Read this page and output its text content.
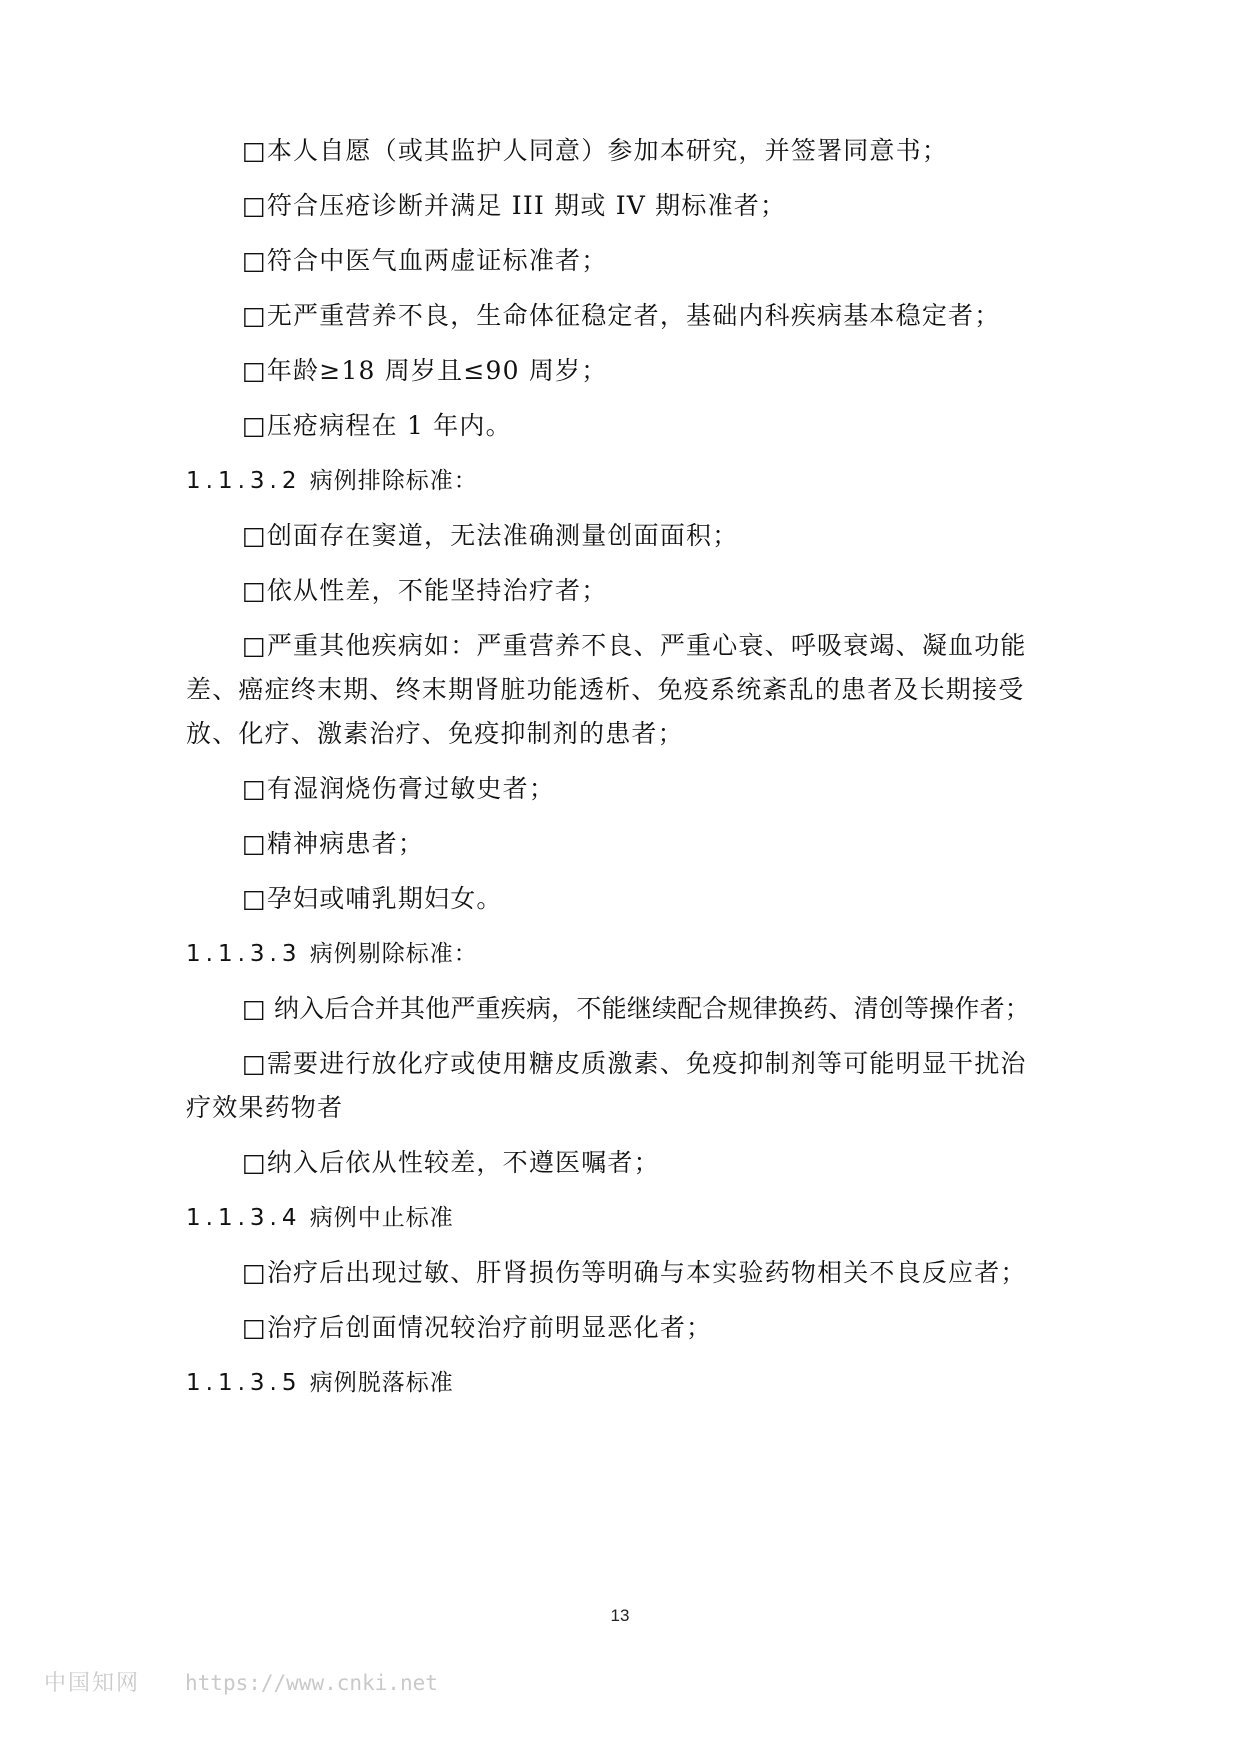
□本人自愿（或其监护人同意）参加本研究，并签署同意书；
□符合压疮诊断并满足 III 期或 IV 期标准者；
□符合中医气血两虚证标准者；
□无严重营养不良，生命体征稳定者，基础内科疾病基本稳定者；
□年龄≥18 周岁且≤90 周岁；
□压疮病程在 1 年内。
1.1.3.2 病例排除标准：
□创面存在窦道，无法准确测量创面面积；
□依从性差，不能坚持治疗者；
□严重其他疾病如：严重营养不良、严重心衰、呼吸衰竭、凝血功能
差、癌症终末期、终末期肾脏功能透析、免疫系统紊乱的患者及长期接受
放、化疗、激素治疗、免疫抑制剂的患者；
□有湿润烧伤膏过敏史者；
□精神病患者；
□孕妇或哺乳期妇女。
1.1.3.3 病例剔除标准：
□ 纳入后合并其他严重疾病，不能继续配合规律换药、清创等操作者；
□需要进行放化疗或使用糖皮质激素、免疫抑制剂等可能明显干扰治
疗效果药物者
□纳入后依从性较差，不遵医嘱者；
1.1.3.4 病例中止标准
□治疗后出现过敏、肝肾损伤等明确与本实验药物相关不良反应者；
□治疗后创面情况较治疗前明显恶化者；
1.1.3.5 病例脱落标准
13
中国知网 https://www.cnki.net
